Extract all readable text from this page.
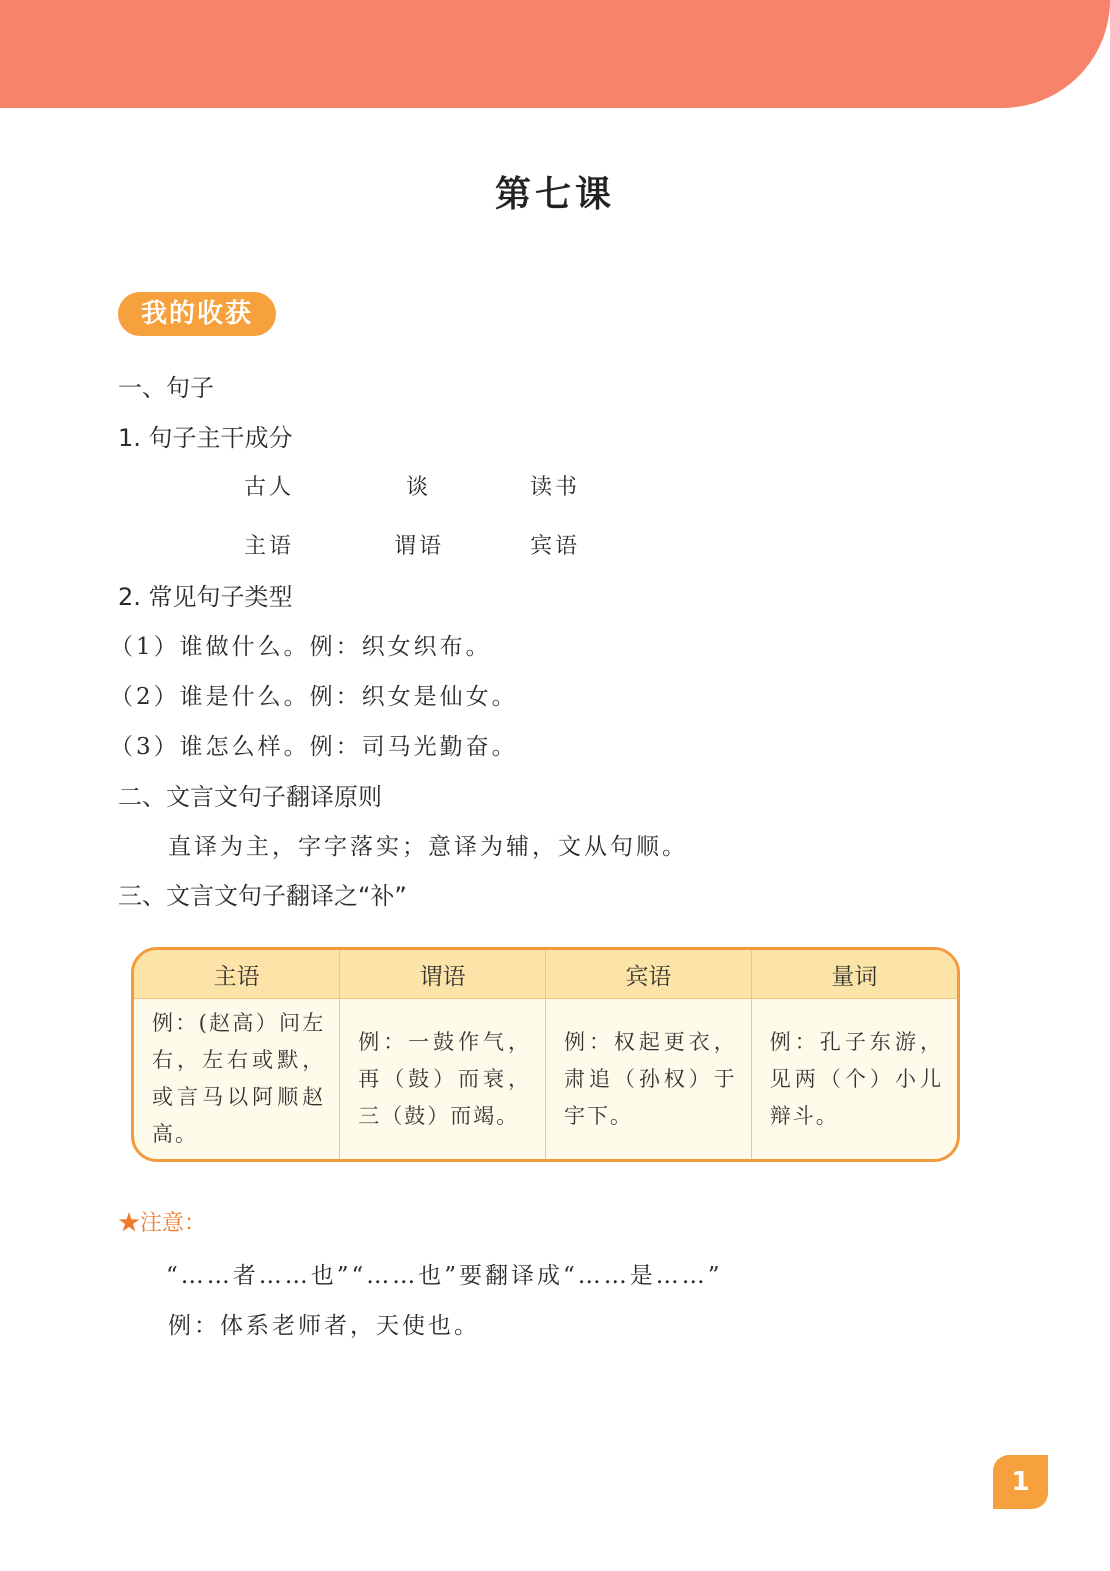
第七课
我的收获
一、句子
1. 句子主干成分
古人	谈	读书
主语	谓语	宾语
2. 常见句子类型
（1）谁做什么。例：织女织布。
（2）谁是什么。例：织女是仙女。
（3）谁怎么样。例：司马光勤奋。
二、文言文句子翻译原则
直译为主，字字落实；意译为辅，文从句顺。
三、文言文句子翻译之“补”
主语	谓语	宾语	量词
例：(赵高）问左右，左右或默，或言马以阿顺赵高。	例：一鼓作气，再（鼓）而衰，三（鼓）而竭。	例：权起更衣，肃追（孙权）于宇下。	例：孔子东游，见两（个）小儿辩斗。
★注意：
“……者……也”“……也”要翻译成“……是……”
例：体系老师者，天使也。
1
